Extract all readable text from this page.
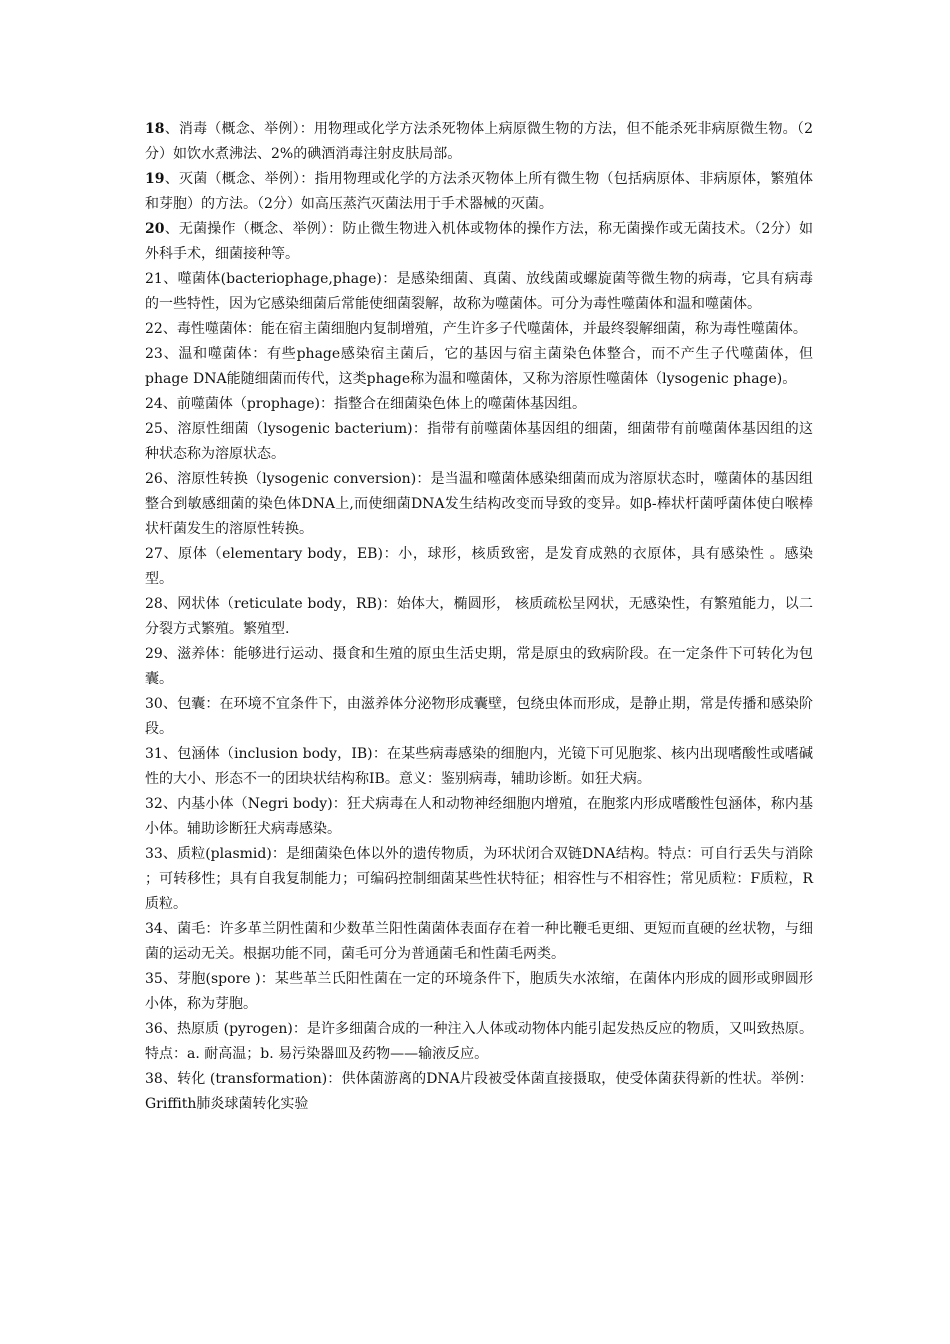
18、消毒（概念、举例）：用物理或化学方法杀死物体上病原微生物的方法，但不能杀死非病原微生物。（2分）如饮水煮沸法、2%的碘酒消毒注射皮肤局部。

19、灭菌（概念、举例）：指用物理或化学的方法杀灭物体上所有微生物（包括病原体、非病原体，繁殖体和芽胞）的方法。（2分）如高压蒸汽灭菌法用于手术器械的灭菌。

20、无菌操作（概念、举例）：防止微生物进入机体或物体的操作方法，称无菌操作或无菌技术。（2分）如外科手术，细菌接种等。

21、噬菌体(bacteriophage,phage)：是感染细菌、真菌、放线菌或螺旋菌等微生物的病毒，它具有病毒的一些特性，因为它感染细菌后常能使细菌裂解，故称为噬菌体。可分为毒性噬菌体和温和噬菌体。

22、毒性噬菌体：能在宿主菌细胞内复制增殖，产生许多子代噬菌体，并最终裂解细菌，称为毒性噬菌体。

23、温和噬菌体：有些phage感染宿主菌后，它的基因与宿主菌染色体整合，而不产生子代噬菌体，但phage DNA能随细菌而传代，这类phage称为温和噬菌体，又称为溶原性噬菌体（lysogenic phage)。

24、前噬菌体（prophage)：指整合在细菌染色体上的噬菌体基因组。

25、溶原性细菌（lysogenic bacterium)：指带有前噬菌体基因组的细菌，细菌带有前噬菌体基因组的这种状态称为溶原状态。

26、溶原性转换（lysogenic conversion)：是当温和噬菌体感染细菌而成为溶原状态时，噬菌体的基因组整合到敏感细菌的染色体DNA上,而使细菌DNA发生结构改变而导致的变异。如β-棒状杆菌呼菌体使白喉棒状杆菌发生的溶原性转换。

27、原体（elementary body，EB)：小，球形，核质致密，是发育成熟的衣原体，具有感染性 。感染型。

28、网状体（reticulate body，RB)：始体大，椭圆形， 核质疏松呈网状，无感染性，有繁殖能力，以二分裂方式繁殖。繁殖型.

29、滋养体：能够进行运动、摄食和生殖的原虫生活史期，常是原虫的致病阶段。在一定条件下可转化为包囊。

30、包囊：在环境不宜条件下，由滋养体分泌物形成囊壁，包绕虫体而形成，是静止期，常是传播和感染阶段。

31、包涵体（inclusion body，IB)：在某些病毒感染的细胞内，光镜下可见胞浆、核内出现嗜酸性或嗜碱性的大小、形态不一的团块状结构称IB。意义：鉴别病毒，辅助诊断。如狂犬病。

32、内基小体（Negri body)：狂犬病毒在人和动物神经细胞内增殖，在胞浆内形成嗜酸性包涵体，称内基小体。辅助诊断狂犬病毒感染。

33、质粒(plasmid)：是细菌染色体以外的遗传物质，为环状闭合双链DNA结构。特点：可自行丢失与消除 ；可转移性；具有自我复制能力；可编码控制细菌某些性状特征；相容性与不相容性；常见质粒：F质粒，R质粒。

34、菌毛：许多革兰阴性菌和少数革兰阳性菌菌体表面存在着一种比鞭毛更细、更短而直硬的丝状物，与细菌的运动无关。根据功能不同，菌毛可分为普通菌毛和性菌毛两类。

35、芽胞(spore )：某些革兰氏阳性菌在一定的环境条件下，胞质失水浓缩，在菌体内形成的圆形或卵圆形小体，称为芽胞。

36、热原质 (pyrogen)：是许多细菌合成的一种注入人体或动物体内能引起发热反应的物质，又叫致热原。特点：a. 耐高温；b. 易污染器皿及药物——输液反应。

38、转化 (transformation)：供体菌游离的DNA片段被受体菌直接摄取，使受体菌获得新的性状。举例：Griffith肺炎球菌转化实验
